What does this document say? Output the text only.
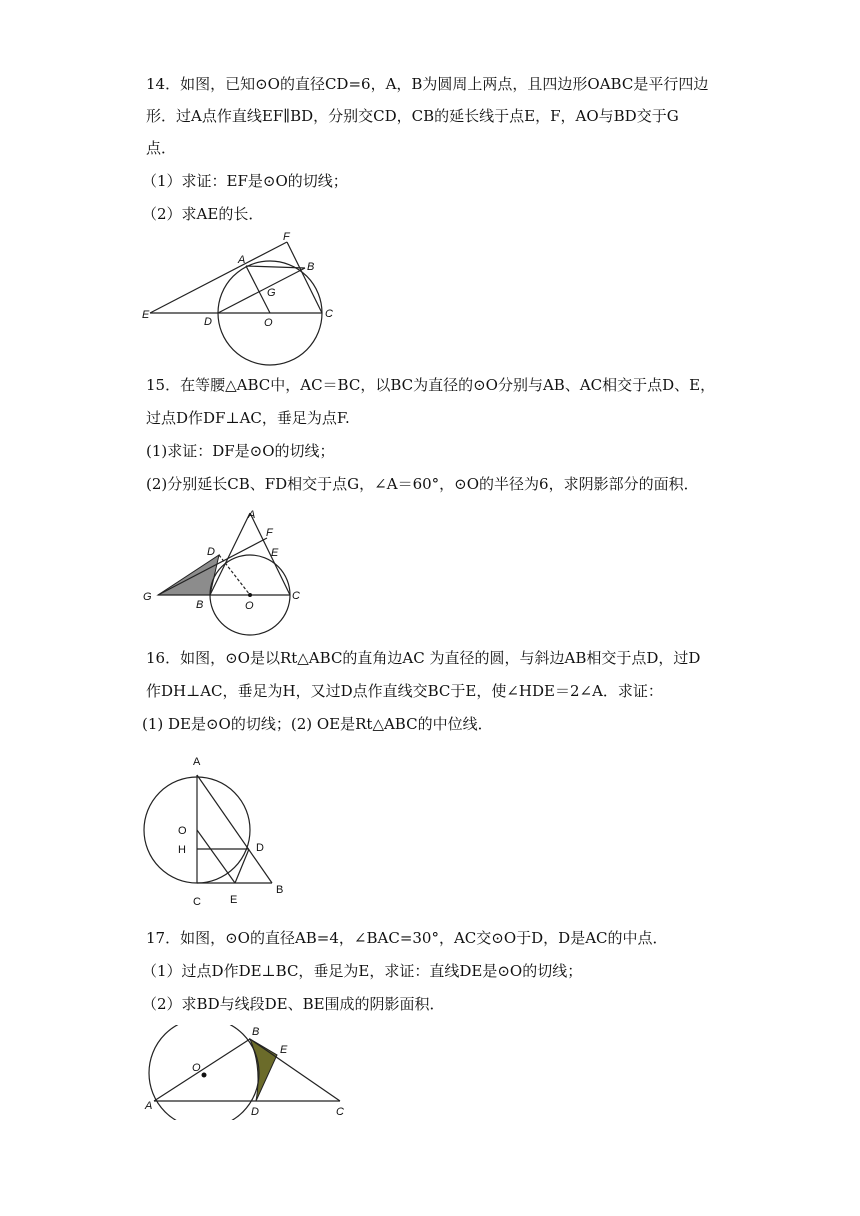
14．如图，已知⊙O的直径CD=6，A，B为圆周上两点，且四边形OABC是平行四边
形．过A点作直线EF∥BD，分别交CD，CB的延长线于点E，F，AO与BD交于G
点．
（1）求证：EF是⊙O的切线；
（2）求AE的长．
A
B
C
D
E
F
G
O
15．在等腰△ABC中，AC＝BC，以BC为直径的⊙O分别与AB、AC相交于点D、E，
过点D作DF⊥AC，垂足为点F.
(1)求证：DF是⊙O的切线；
(2)分别延长CB、FD相交于点G，∠A＝60°，⊙O的半径为6，求阴影部分的面积．
A
F
D	E
G
B	O
C
16．如图，⊙O是以Rt△ABC的直角边AC 为直径的圆，与斜边AB相交于点D，过D
作DH⊥AC，垂足为H，又过D点作直线交BC于E，使∠HDE＝2∠A．求证：
(1) DE是⊙O的切线；(2) OE是Rt△ABC的中位线．
A
O
H	D
C	E
B
17．如图，⊙O的直径AB=4，∠BAC=30°，AC交⊙O于D，D是AC的中点．
（1）过点D作DE⊥BC，垂足为E，求证：直线DE是⊙O的切线；
（2）求BD与线段DE、BE围成的阴影面积．
A
B
E
D	C
O
